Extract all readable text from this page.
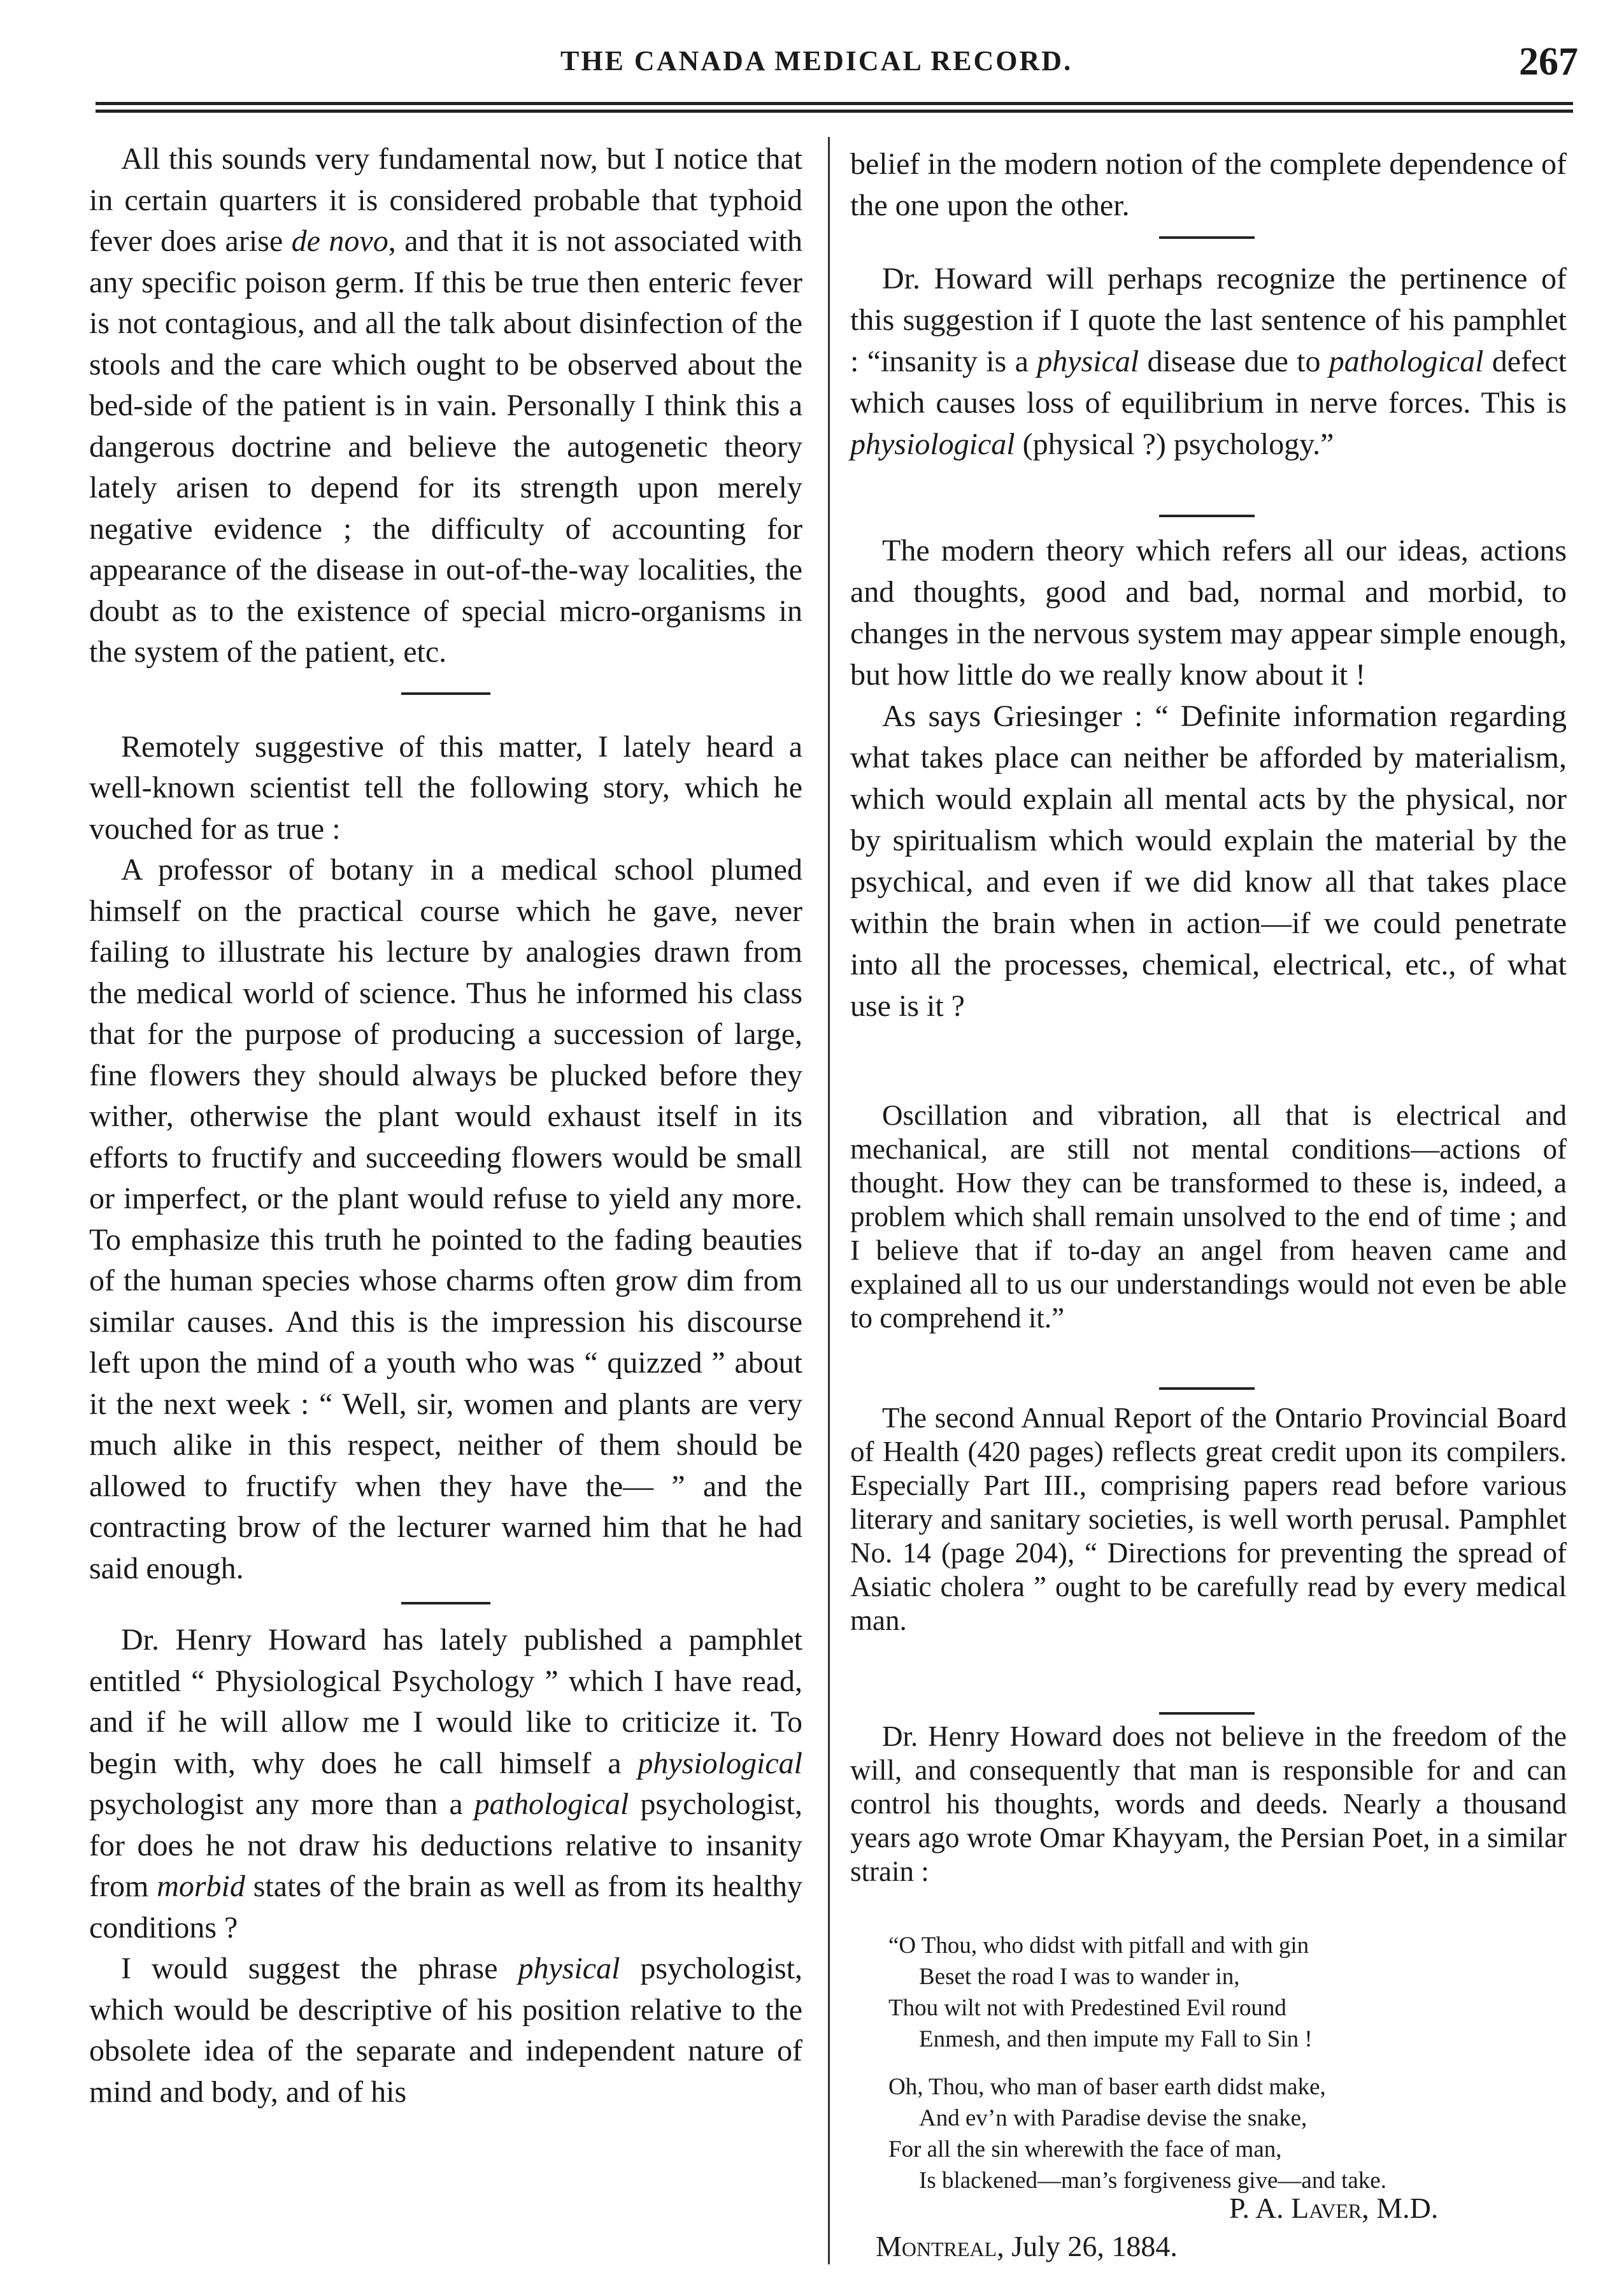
THE CANADA MEDICAL RECORD.	267

All this sounds very fundamental now, but I notice that in certain quarters it is considered probable that typhoid fever does arise de novo, and that it is not associated with any specific poison germ. If this be true then enteric fever is not contagious, and all the talk about disinfection of the stools and the care which ought to be observed about the bed-side of the patient is in vain. Personally I think this a dangerous doctrine and believe the autogenetic theory lately arisen to depend for its strength upon merely negative evidence ; the difficulty of accounting for appearance of the disease in out-of-the-way localities, the doubt as to the existence of special micro-organisms in the system of the patient, etc.

Remotely suggestive of this matter, I lately heard a well-known scientist tell the following story, which he vouched for as true :

A professor of botany in a medical school plumed himself on the practical course which he gave, never failing to illustrate his lecture by analogies drawn from the medical world of science. Thus he informed his class that for the purpose of producing a succession of large, fine flowers they should always be plucked before they wither, otherwise the plant would exhaust itself in its efforts to fructify and succeeding flowers would be small or imperfect, or the plant would refuse to yield any more. To emphasize this truth he pointed to the fading beauties of the human species whose charms often grow dim from similar causes. And this is the impression his discourse left upon the mind of a youth who was “ quizzed ” about it the next week : “ Well, sir, women and plants are very much alike in this respect, neither of them should be allowed to fructify when they have the— ” and the contracting brow of the lecturer warned him that he had said enough.

Dr. Henry Howard has lately published a pamphlet entitled “ Physiological Psychology ” which I have read, and if he will allow me I would like to criticize it. To begin with, why does he call himself a physiological psychologist any more than a pathological psychologist, for does he not draw his deductions relative to insanity from morbid states of the brain as well as from its healthy conditions ?

I would suggest the phrase physical psychologist, which would be descriptive of his position relative to the obsolete idea of the separate and independent nature of mind and body, and of his

belief in the modern notion of the complete dependence of the one upon the other.

Dr. Howard will perhaps recognize the pertinence of this suggestion if I quote the last sentence of his pamphlet : “insanity is a physical disease due to pathological defect which causes loss of equilibrium in nerve forces. This is physiological (physical ?) psychology.”

The modern theory which refers all our ideas, actions and thoughts, good and bad, normal and morbid, to changes in the nervous system may appear simple enough, but how little do we really know about it !

As says Griesinger : “ Definite information regarding what takes place can neither be afforded by materialism, which would explain all mental acts by the physical, nor by spiritualism which would explain the material by the psychical, and even if we did know all that takes place within the brain when in action—if we could penetrate into all the processes, chemical, electrical, etc., of what use is it ?

Oscillation and vibration, all that is electrical and mechanical, are still not mental conditions—actions of thought. How they can be transformed to these is, indeed, a problem which shall remain unsolved to the end of time ; and I believe that if to-day an angel from heaven came and explained all to us our understandings would not even be able to comprehend it.”

The second Annual Report of the Ontario Provincial Board of Health (420 pages) reflects great credit upon its compilers. Especially Part III., comprising papers read before various literary and sanitary societies, is well worth perusal. Pamphlet No. 14 (page 204), “ Directions for preventing the spread of Asiatic cholera ” ought to be carefully read by every medical man.

Dr. Henry Howard does not believe in the freedom of the will, and consequently that man is responsible for and can control his thoughts, words and deeds. Nearly a thousand years ago wrote Omar Khayyam, the Persian Poet, in a similar strain :

“O Thou, who didst with pitfall and with gin
Beset the road I was to wander in,
Thou wilt not with Predestined Evil round
Enmesh, and then impute my Fall to Sin !
Oh, Thou, who man of baser earth didst make,
And ev’n with Paradise devise the snake,
For all the sin wherewith the face of man,
Is blackened—man’s forgiveness give—and take.
P. A. Laver, M.D.
Montreal, July 26, 1884.
